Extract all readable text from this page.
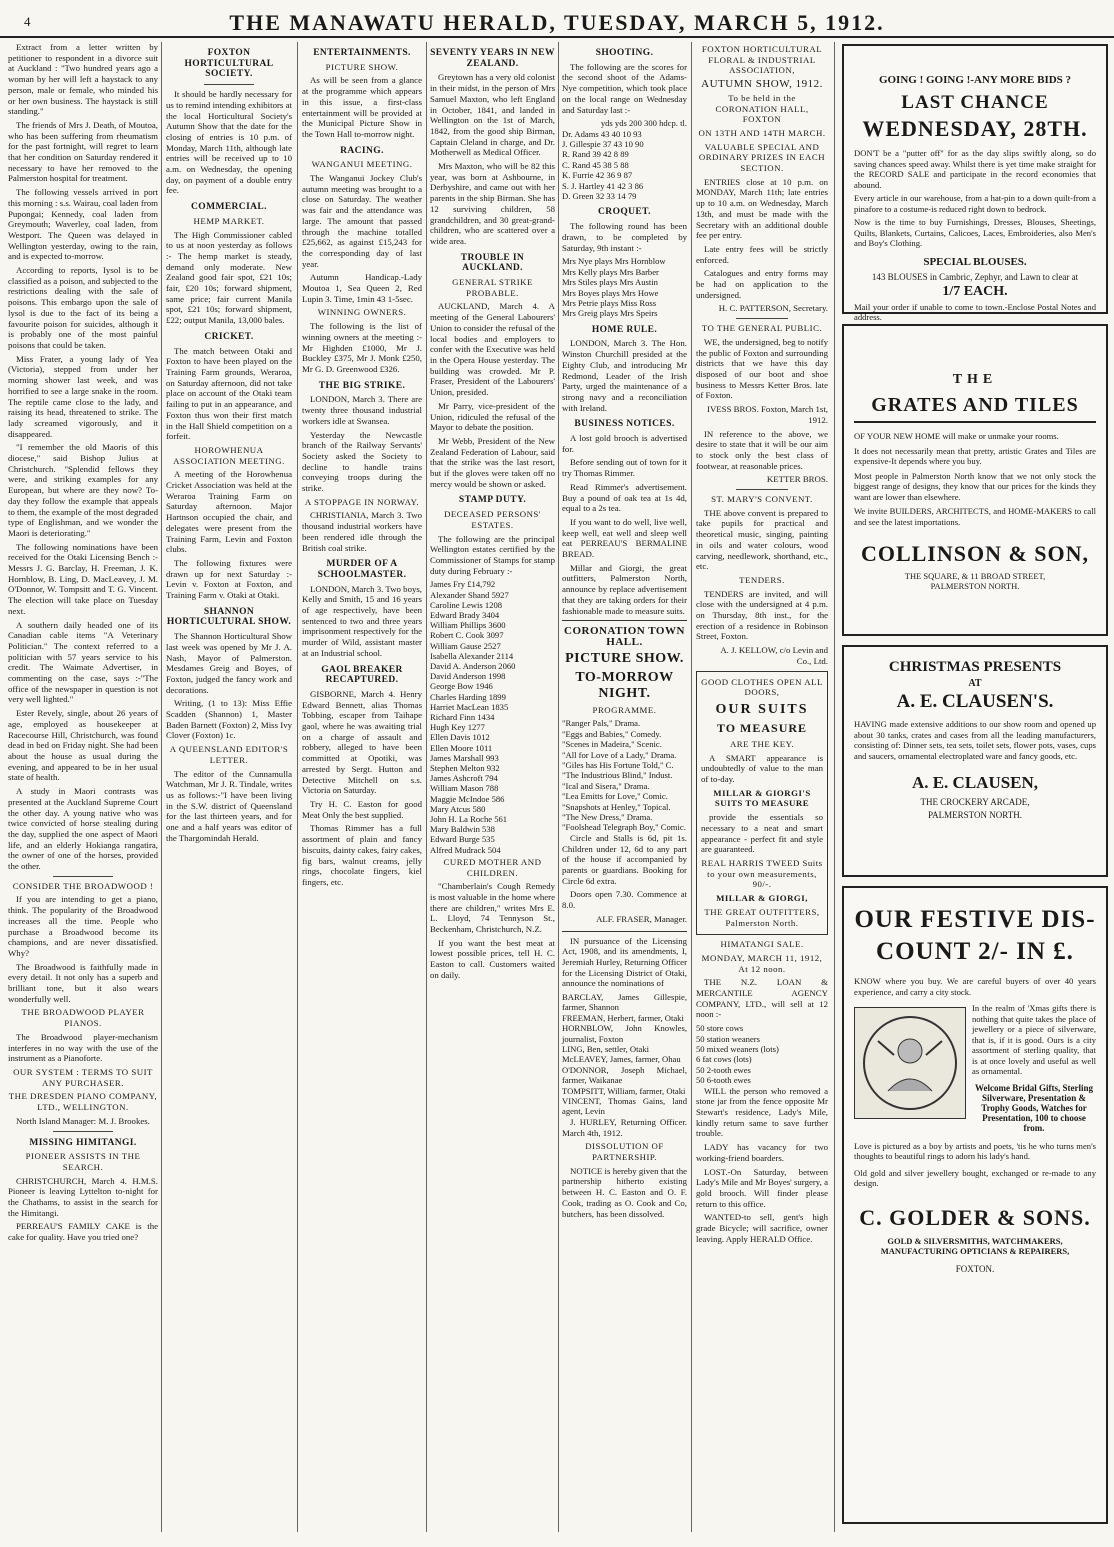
4	THE MANAWATU HERALD, TUESDAY, MARCH 5, 1912.

Extract from a letter written by petitioner to respondent in a divorce suit at Auckland : "Two hundred years ago a woman by her will left a haystack to any person, male or female, who minded his or her own business. The haystack is still standing."

The friends of Mrs J. Death, of Moutoa, who has been suffering from rheumatism for the past fortnight, will regret to learn that her condition on Saturday rendered it necessary to have her removed to the Palmerston hospital for treatment.

The following vessels arrived in port this morning : s.s. Wairau, coal laden from Pupongai; Kennedy, coal laden from Greymouth; Waverley, coal laden, from Westport. The Queen was delayed in Wellington yesterday, owing to the rain, and is expected to-morrow.

According to reports, Iysol is to be classified as a poison, and subjected to the restrictions dealing with the sale of poisons. This embargo upon the sale of lysol is due to the fact of its being a favourite poison for suicides, although it is probably one of the most painful poisons that could be taken.

Miss Frater, a young lady of Yea (Victoria), stepped from under her morning shower last week, and was horrified to see a large snake in the room. The reptile came close to the lady, and raising its head, threatened to strike. The lady screamed vigorously, and it disappeared.

"I remember the old Maoris of this diocese," said Bishop Julius at Christchurch. "Splendid fellows they were, and striking examples for any European, but where are they now? To-day they follow the example that appeals to them, the example of the most degraded type of Englishman, and we wonder the Maori is deteriorating."

The following nominations have been received for the Otaki Licensing Bench :-Messrs J. G. Barclay, H. Freeman, J. K. Hornblow, B. Ling, D. MacLeavey, J. M. O'Donnor, W. Tompsitt and T. G. Vincent. The election will take place on Tuesday next.

A southern daily headed one of its Canadian cable items "A Veterinary Politician." The context referred to a politician with 57 years service to his credit. The Waimate Advertiser, in commenting on the case, says :-"The office of the newspaper in question is not very well lighted."

Ester Revely, single, about 26 years of age, employed as housekeeper at Racecourse Hill, Christchurch, was found dead in bed on Friday night. She had been about the house as usual during the evening, and appeared to be in her usual state of health.

A study in Maori contrasts was presented at the Auckland Supreme Court the other day. A young native who was twice convicted of horse stealing during the day, supplied the one aspect of Maori life, and an elderly Hokianga rangatira, the owner of one of the horses, provided the other.

CONSIDER THE BROADWOOD !

If you are intending to get a piano, think. The popularity of the Broadwood increases all the time. People who purchase a Broadwood become its champions, and are never dissatisfied. Why?

The Broadwood is faithfully made in every detail. It not only has a superb and brilliant tone, but it also wears wonderfully well.

THE BROADWOOD PLAYER PIANOS.

The Broadwood player-mechanism interferes in no way with the use of the instrument as a Pianoforte.

OUR SYSTEM : TERMS TO SUIT ANY PURCHASER.

THE DRESDEN PIANO COMPANY, LTD., WELLINGTON.

North Island Manager: M. J. Brookes.

MISSING HIMITANGI.

PIONEER ASSISTS IN THE SEARCH.

CHRISTCHURCH, March 4. H.M.S. Pioneer is leaving Lyttelton to-night for the Chathams, to assist in the search for the Himitangi.

PERREAU'S FAMILY CAKE is the cake for quality. Have you tried one?

FOXTON HORTICULTURAL SOCIETY.

It should be hardly necessary for us to remind intending exhibitors at the local Horticultural Society's Autumn Show that the date for the closing of entries is 10 p.m. of Monday, March 11th, although late entries will be received up to 10 a.m. on Wednesday, the opening day, on payment of a double entry fee.

COMMERCIAL.

HEMP MARKET.

The High Commissioner cabled to us at noon yesterday as follows :- The hemp market is steady, demand only moderate. New Zealand good fair spot, £21 10s; fair, £20 10s; forward shipment, same price; fair current Manila spot, £21 10s; forward shipment, £22; output Manila, 13,000 bales.

CRICKET.

The match between Otaki and Foxton to have been played on the Training Farm grounds, Weraroa, on Saturday afternoon, did not take place on account of the Otaki team failing to put in an appearance, and Foxton thus won their first match in the Hall Shield competition on a forfeit.

HOROWHENUA ASSOCIATION MEETING.

A meeting of the Horowhenua Cricket Association was held at the Weraroa Training Farm on Saturday afternoon. Major Hartnson occupied the chair, and delegates were present from the Training Farm, Levin and Foxton clubs.

The following fixtures were drawn up for next Saturday :- Levin v. Foxton at Foxton, and Training Farm v. Otaki at Otaki.

SHANNON HORTICULTURAL SHOW.

The Shannon Horticultural Show last week was opened by Mr J. A. Nash, Mayor of Palmerston. Mesdames Greig and Boyes, of Foxton, judged the fancy work and decorations.

Writing, (1 to 13): Miss Effie Scadden (Shannon) 1, Master Baden Barnett (Foxton) 2, Miss Ivy Clover (Foxton) 1c.

A QUEENSLAND EDITOR'S LETTER.

The editor of the Cunnamulla Watchman, Mr J. R. Tindale, writes us as follows:-"I have been living in the S.W. district of Queensland for the last thirteen years, and for one and a half years was editor of the Thargomindah Herald.

ENTERTAINMENTS.

PICTURE SHOW.

As will be seen from a glance at the programme which appears in this issue, a first-class entertainment will be provided at the Municipal Picture Show in the Town Hall to-morrow night.

RACING.

WANGANUI MEETING.

The Wanganui Jockey Club's autumn meeting was brought to a close on Saturday. The weather was fair and the attendance was large. The amount that passed through the machine totalled £25,662, as against £15,243 for the corresponding day of last year.

Autumn Handicap.-Lady Moutoa 1, Sea Queen 2, Red Lupin 3. Time, 1min 43 1-5sec.

WINNING OWNERS.

The following is the list of winning owners at the meeting :- Mr Highden £1000, Mr J. Buckley £375, Mr J. Monk £250, Mr G. D. Greenwood £326.

THE BIG STRIKE.

LONDON, March 3. There are twenty three thousand industrial workers idle at Swansea.

Yesterday the Newcastle branch of the Railway Servants' Society asked the Society to decline to handle trains conveying troops during the strike.

A STOPPAGE IN NORWAY.

CHRISTIANIA, March 3. Two thousand industrial workers have been rendered idle through the British coal strike.

MURDER OF A SCHOOLMASTER.

LONDON, March 3. Two boys, Kelly and Smith, 15 and 16 years of age respectively, have been sentenced to two and three years imprisonment respectively for the murder of Wild, assistant master at an Industrial school.

GAOL BREAKER RECAPTURED.

GISBORNE, March 4. Henry Edward Bennett, alias Thomas Tobbing, escaper from Taihape gaol, where he was awaiting trial on a charge of assault and robbery, alleged to have been committed at Opotiki, was arrested by Sergt. Hutton and Detective Mitchell on s.s. Victoria on Saturday.

Try H. C. Easton for good Meat Only the best supplied.

Thomas Rimmer has a full assortment of plain and fancy biscuits, dainty cakes, fairy cakes, fig bars, walnut creams, jelly rings, chocolate fingers, kiel fingers, etc.

SEVENTY YEARS IN NEW ZEALAND.

Greytown has a very old colonist in their midst, in the person of Mrs Samuel Maxton, who left England in October, 1841, and landed in Wellington on the 1st of March, 1842, from the good ship Birman, Captain Cleland in charge, and Dr. Motherwell as Medical Officer.

Mrs Maxton, who will be 82 this year, was born at Ashbourne, in Derbyshire, and came out with her parents in the ship Birman. She has 12 surviving children, 58 grandchildren, and 30 great-grand-children, who are scattered over a wide area.

TROUBLE IN AUCKLAND.

GENERAL STRIKE PROBABLE.

AUCKLAND, March 4. A meeting of the General Labourers' Union to consider the refusal of the local bodies and employers to confer with the Executive was held in the Opera House yesterday. The building was crowded. Mr P. Fraser, President of the Labourers' Union, presided.

Mr Parry, vice-president of the Union, ridiculed the refusal of the Mayor to debate the position.

Mr Webb, President of the New Zealand Federation of Labour, said that the strike was the last resort, but if the gloves were taken off no mercy would be shown or asked.

STAMP DUTY.

DECEASED PERSONS' ESTATES.

The following are the principal Wellington estates certified by the Commissioner of Stamps for stamp duty during February :-

James Fry £14,792
Alexander Shand 5927
Caroline Lewis 1208
Edward Brady 3404
William Phillips 3600
Robert C. Cook 3097
William Gause 2527
Isabella Alexander 2114
David A. Anderson 2060
David Anderson 1998
George Bow 1946
Charles Harding 1899
Harriet MacLean 1835
Richard Finn 1434
Hugh Key 1277
Ellen Davis 1012
Ellen Moore 1011
James Marshall 993
Stephen Melton 932
James Ashcroft 794
William Mason 788
Maggie McIndoe 586
Mary Atcus 580
John H. La Roche 561
Mary Baldwin 538
Edward Burge 535
Alfred Mudrack 504

CURED MOTHER AND CHILDREN.

"Chamberlain's Cough Remedy is most valuable in the home where there are children," writes Mrs E. L. Lloyd, 74 Tennyson St., Beckenham, Christchurch, N.Z.

If you want the best meat at lowest possible prices, tell H. C. Easton to call. Customers waited on daily.

SHOOTING.

The following are the scores for the second shoot of the Adams-Nye competition, which took place on the local range on Wednesday and Saturday last :-

yds yds 200 300 hdcp. tl.
Dr. Adams 43 40 10 93
J. Gillespie 37 43 10 90
R. Rand 39 42 8 89
C. Rand 45 38 5 88
K. Furrie 42 36 9 87
S. J. Hartley 41 42 3 86
D. Green 32 33 14 79

CROQUET.

The following round has been drawn, to be completed by Saturday, 9th instant :-

Mrs Nye plays Mrs Hornblow
Mrs Kelly plays Mrs Barber
Mrs Stiles plays Mrs Austin
Mrs Boyes plays Mrs Howe
Mrs Petrie plays Miss Ross
Mrs Greig plays Mrs Speirs

HOME RULE.

LONDON, March 3. The Hon. Winston Churchill presided at the Eighty Club, and introducing Mr Redmond, Leader of the Irish Party, urged the maintenance of a strong navy and a reconciliation with Ireland.

BUSINESS NOTICES.

A lost gold brooch is advertised for.

Before sending out of town for it try Thomas Rimmer.

Read Rimmer's advertisement. Buy a pound of oak tea at 1s 4d, equal to a 2s tea.

If you want to do well, live well, keep well, eat well and sleep well eat PERREAU'S BERMALINE BREAD.

Millar and Giorgi, the great outfitters, Palmerston North, announce by replace advertisement that they are taking orders for their fashionable made to measure suits.

CORONATION TOWN HALL.

PICTURE SHOW.

TO-MORROW NIGHT.

PROGRAMME.

"Ranger Pals," Drama.
"Eggs and Babies," Comedy.
"Scenes in Madeira," Scenic.
"All for Love of a Lady," Drama.
"Giles has His Fortune Told," C.
"The Industrious Blind," Indust.
"Ical and Sisera," Drama.
"Lea Emitts for Love," Comic.
"Snapshots at Henley," Topical.
"The New Dress," Drama.
"Foolshead Telegraph Boy," Comic.

Circle and Stalls is 6d, pit 1s. Children under 12, 6d to any part of the house if accompanied by parents or guardians. Booking for Circle 6d extra.

Doors open 7.30. Commence at 8.0.

ALF. FRASER, Manager.

IN pursuance of the Licensing Act, 1908, and its amendments, I, Jeremiah Hurley, Returning Officer for the Licensing District of Otaki, announce the nominations of

BARCLAY, James Gillespie, farmer, Shannon
FREEMAN, Herbert, farmer, Otaki
HORNBLOW, John Knowles, journalist, Foxton
LING, Ben, settler, Otaki
McLEAVEY, James, farmer, Ohau
O'DONNOR, Joseph Michael, farmer, Waikanae
TOMPSITT, William, farmer, Otaki
VINCENT, Thomas Gains, land agent, Levin

J. HURLEY, Returning Officer. March 4th, 1912.

DISSOLUTION OF PARTNERSHIP.

NOTICE is hereby given that the partnership hitherto existing between H. C. Easton and O. F. Cook, trading as O. Cook and Co, butchers, has been dissolved.

FOXTON HORTICULTURAL FLORAL & INDUSTRIAL ASSOCIATION,

AUTUMN SHOW, 1912.

To be held in the CORONATION HALL, FOXTON

ON 13TH AND 14TH MARCH.

VALUABLE SPECIAL AND ORDINARY PRIZES IN EACH SECTION.

ENTRIES close at 10 p.m. on MONDAY, March 11th; late entries up to 10 a.m. on Wednesday, March 13th, and must be made with the Secretary with an additional double fee per entry.

Late entry fees will be strictly enforced.

Catalogues and entry forms may be had on application to the undersigned.

H. C. PATTERSON, Secretary.

TO THE GENERAL PUBLIC.

WE, the undersigned, beg to notify the public of Foxton and surrounding districts that we have this day disposed of our boot and shoe business to Messrs Ketter Bros. late of Foxton.

IVESS BROS. Foxton, March 1st, 1912.

IN reference to the above, we desire to state that it will be our aim to stock only the best class of footwear, at reasonable prices.

KETTER BROS.

ST. MARY'S CONVENT.

THE above convent is prepared to take pupils for practical and theoretical music, singing, painting in oils and water colours, wood carving, needlework, shorthand, etc., etc.

TENDERS.

TENDERS are invited, and will close with the undersigned at 4 p.m. on Thursday, 8th inst., for the erection of a residence in Robinson Street, Foxton.

A. J. KELLOW, c/o Levin and Co., Ltd.

GOOD CLOTHES OPEN ALL DOORS,

OUR SUITS

TO MEASURE

ARE THE KEY.

A SMART appearance is undoubtedly of value to the man of to-day.

MILLAR & GIORGI'S SUITS TO MEASURE

provide the essentials so necessary to a neat and smart appearance - perfect fit and style are guaranteed.

REAL HARRIS TWEED Suits to your own measurements, 90/-.

MILLAR & GIORGI,

THE GREAT OUTFITTERS, Palmerston North.

HIMATANGI SALE.

MONDAY, MARCH 11, 1912, At 12 noon.

THE N.Z. LOAN & MERCANTILE AGENCY COMPANY, LTD., will sell at 12 noon :-

50 store cows
50 station weaners
50 mixed weaners (lots)
6 fat cows (lots)
50 2-tooth ewes
50 6-tooth ewes

WILL the person who removed a stone jar from the fence opposite Mr Stewart's residence, Lady's Mile, kindly return same to save further trouble.

LADY has vacancy for two working-friend boarders.

LOST.-On Saturday, between Lady's Mile and Mr Boyes' surgery, a gold brooch. Will finder please return to this office.

WANTED-to sell, gent's high grade Bicycle; will sacrifice, owner leaving. Apply HERALD Office.

GOING ! GOING !-ANY MORE BIDS ?
LAST CHANCE
WEDNESDAY, 28TH.
DON'T be a "putter off" for as the day slips swiftly along, so do saving chances speed away. Whilst there is yet time make straight for the RECORD SALE and participate in the record economies that abound.
Every article in our warehouse, from a hat-pin to a down quilt-from a pinafore to a costume-is reduced right down to bedrock.
Now is the time to buy Furnishings, Dresses, Blouses, Sheetings, Quilts, Blankets, Curtains, Calicoes, Laces, Embroideries, also Men's and Boy's Clothing.
SPECIAL BLOUSES.
143 BLOUSES in Cambric, Zephyr, and Lawn to clear at
1/7 EACH.
Mail your order if unable to come to town.-Enclose Postal Notes and address.
THE
GRATES AND TILES
OF YOUR NEW HOME will make or unmake your rooms.
It does not necessarily mean that pretty, artistic Grates and Tiles are expensive-It depends where you buy.
Most people in Palmerston North know that we not only stock the biggest range of designs, they know that our prices for the kinds they want are lower than elsewhere.
We invite BUILDERS, ARCHITECTS, and HOME-MAKERS to call and see the latest importations.
COLLINSON & SON,
THE SQUARE, & 11 BROAD STREET, PALMERSTON NORTH.
CHRISTMAS PRESENTS
AT
A. E. CLAUSEN'S.
HAVING made extensive additions to our show room and opened up about 30 tanks, crates and cases from all the leading manufacturers, consisting of: Dinner sets, tea sets, toilet sets, flower pots, vases, cups and saucers, ornamental electroplated ware and fancy goods, etc.
A. E. CLAUSEN,
THE CROCKERY ARCADE,
PALMERSTON NORTH.
OUR FESTIVE DIS-
COUNT 2/- IN £.
KNOW where you buy. We are careful buyers of over 40 years experience, and carry a city stock.
In the realm of 'Xmas gifts there is nothing that quite takes the place of jewellery or a piece of silverware, that is, if it is good. Ours is a city assortment of sterling quality, that is at once lovely and useful as well as ornamental.
Welcome Bridal Gifts, Sterling Silverware, Presentation & Trophy Goods, Watches for Presentation, 100 to choose from.
Love is pictured as a boy by artists and poets, 'tis he who turns men's thoughts to beautiful rings to adorn his lady's hand.
Old gold and silver jewellery bought, exchanged or re-made to any design.
C. GOLDER & SONS.
GOLD & SILVERSMITHS, WATCHMAKERS, MANUFACTURING OPTICIANS & REPAIRERS,
FOXTON.
